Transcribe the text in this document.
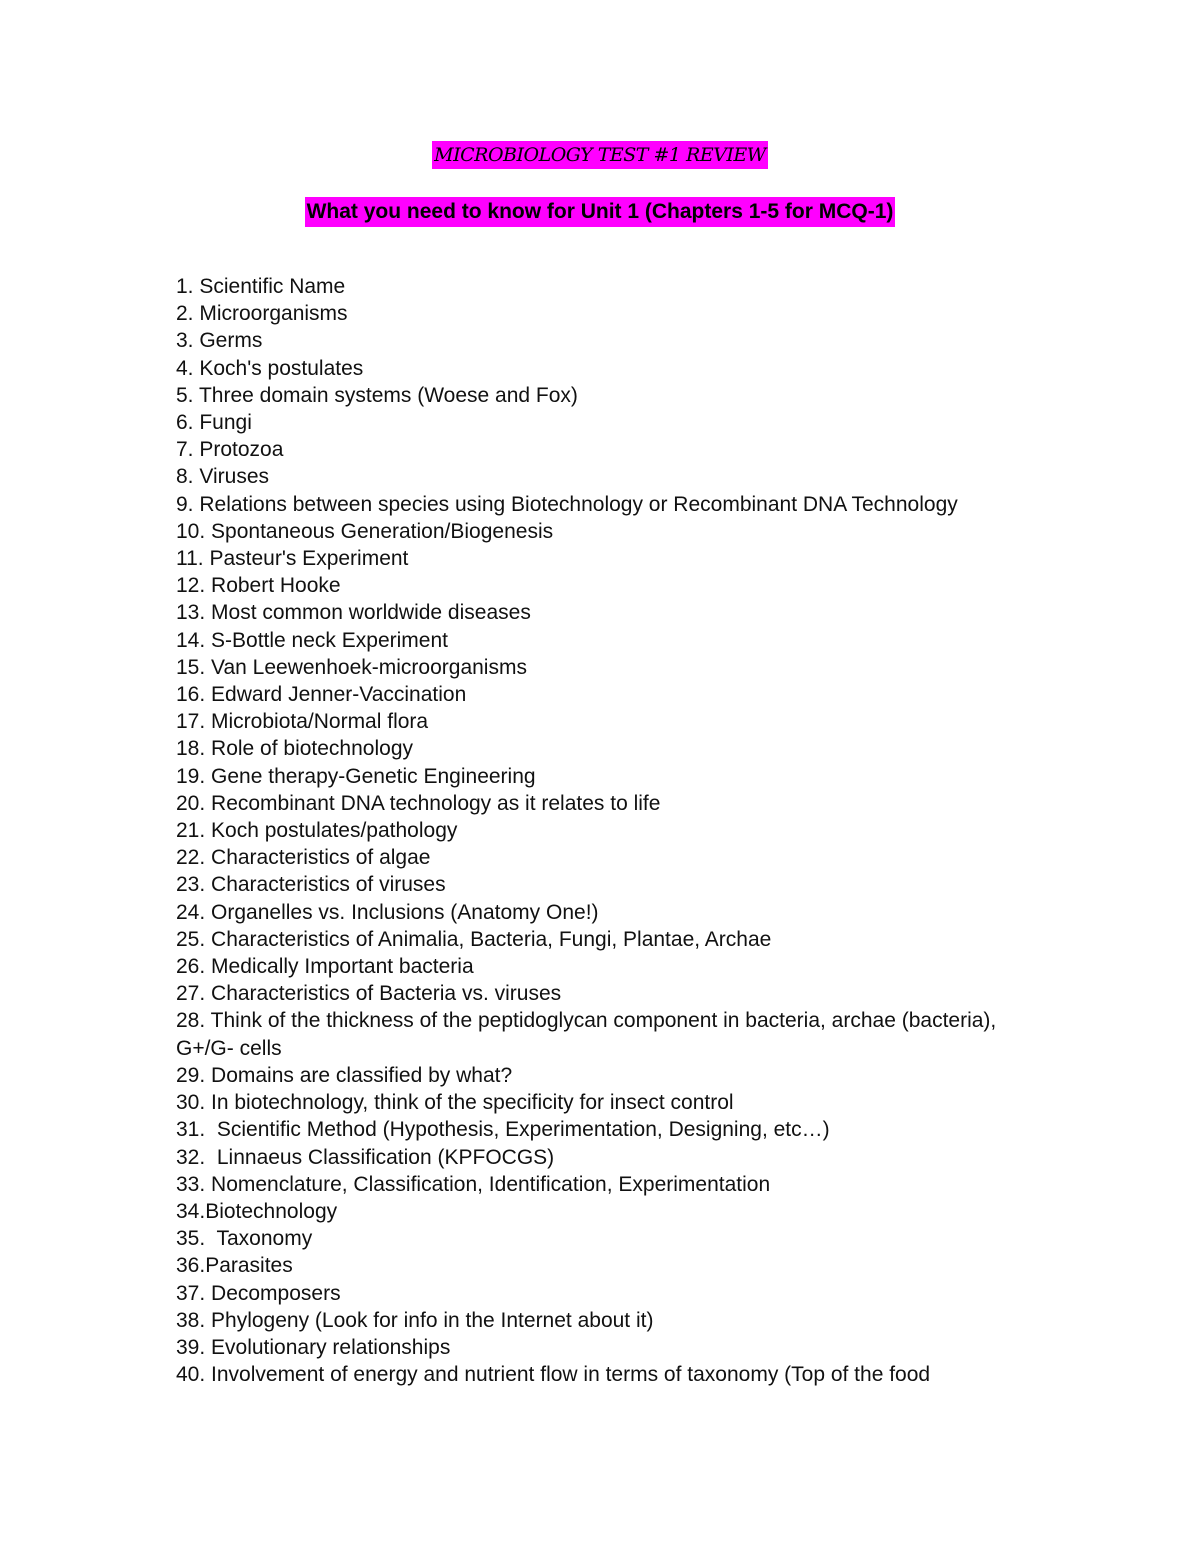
MICROBIOLOGY TEST #1 REVIEW
What you need to know for Unit 1 (Chapters 1-5 for MCQ-1)
1. Scientific Name
2. Microorganisms
3. Germs
4. Koch's postulates
5. Three domain systems (Woese and Fox)
6. Fungi
7. Protozoa
8. Viruses
9. Relations between species using Biotechnology or Recombinant DNA Technology
10. Spontaneous Generation/Biogenesis
11. Pasteur's Experiment
12. Robert Hooke
13. Most common worldwide diseases
14. S-Bottle neck Experiment
15. Van Leewenhoek-microorganisms
16. Edward Jenner-Vaccination
17. Microbiota/Normal flora
18. Role of biotechnology
19. Gene therapy-Genetic Engineering
20. Recombinant DNA technology as it relates to life
21. Koch postulates/pathology
22. Characteristics of algae
23. Characteristics of viruses
24. Organelles vs. Inclusions (Anatomy One!)
25. Characteristics of Animalia, Bacteria, Fungi, Plantae, Archae
26. Medically Important bacteria
27. Characteristics of Bacteria vs. viruses
28. Think of the thickness of the peptidoglycan component in bacteria, archae (bacteria), G+/G- cells
29. Domains are classified by what?
30. In biotechnology, think of the specificity for insect control
31.  Scientific Method (Hypothesis, Experimentation, Designing, etc…)
32.  Linnaeus Classification (KPFOCGS)
33. Nomenclature, Classification, Identification, Experimentation
34.Biotechnology
35.  Taxonomy
36.Parasites
37. Decomposers
38. Phylogeny (Look for info in the Internet about it)
39. Evolutionary relationships
40. Involvement of energy and nutrient flow in terms of taxonomy (Top of the food
